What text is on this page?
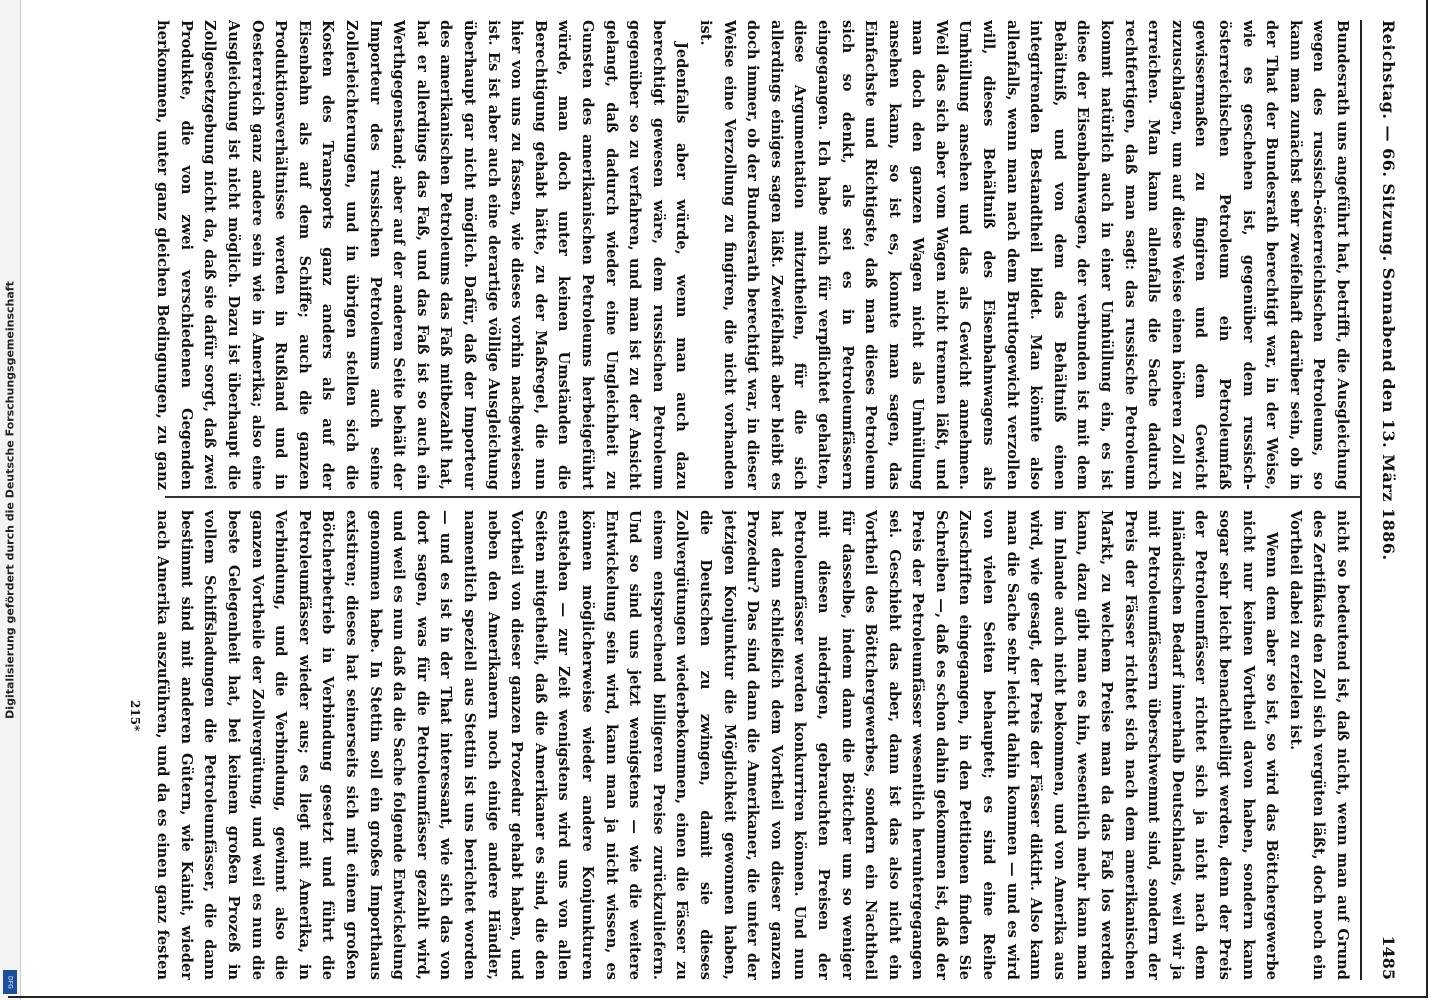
Digitalisierung gefördert durch die Deutsche Forschungsgemeinschaft
DFG
Reichstag. — 66. Sitzung. Sonnabend den 13. März 1886.
1485

Bundesrath uns angeführt hat, betrifft, die Ausgleichung wegen des russisch-österreichischen Petroleums, so kann man zunächst sehr zweifelhaft darüber sein, ob in der That der Bundesrath berechtigt war, in der Weise, wie es geschehen ist, gegenüber dem russisch-österreichischen Petroleum ein Petroleumfaß gewissermaßen zu fingiren und dem Gewicht zuzuschlagen, um auf diese Weise einen höheren Zoll zu erreichen. Man kann allenfalls die Sache dadurch rechtfertigen, daß man sagt: das russische Petroleum kommt natürlich auch in einer Umhüllung ein, es ist diese der Eisenbahnwagen, der verbunden ist mit dem Behältniß, und von dem das Behältniß einen integrirenden Bestandtheil bildet. Man könnte also allenfalls, wenn man nach dem Bruttogewicht verzollen will, dieses Behältniß des Eisenbahnwagens als Umhüllung ansehen und das als Gewicht annehmen. Weil das sich aber vom Wagen nicht trennen läßt, und man doch den ganzen Wagen nicht als Umhüllung ansehen kann, so ist es, konnte man sagen, das Einfachste und Richtigste, daß man dieses Petroleum sich so denkt, als sei es in Petroleumfässern eingegangen. Ich habe mich für verpflichtet gehalten, diese Argumentation mitzutheilen, für die sich allerdings einiges sagen läßt. Zweifelhaft aber bleibt es doch immer, ob der Bundesrath berechtigt war, in dieser Weise eine Verzollung zu fingiren, die nicht vorhanden ist.

Jedenfalls aber würde, wenn man auch dazu berechtigt gewesen wäre, dem russischen Petroleum gegenüber so zu verfahren, und man ist zu der Ansicht gelangt, daß dadurch wieder eine Ungleichheit zu Gunsten des amerikanischen Petroleums herbeigeführt würde, man doch unter keinen Umständen die Berechtigung gehabt hätte, zu der Maßregel, die nun hier von uns zu fassen, wie dieses vorhin nachgewiesen ist. Es ist aber auch eine derartige völlige Ausgleichung überhaupt gar nicht möglich. Dafür, daß der Importeur des amerikanischen Petroleums das Faß mitbezahlt hat, hat er allerdings das Faß, und das Faß ist so auch ein Werthgegenstand; aber auf der anderen Seite behält der Importeur des russischen Petroleums auch seine Zollerleichterungen, und in übrigen stellen sich die Kosten des Transports ganz anders als auf der Eisenbahn als auf dem Schiffe; auch die ganzen Produktionsverhältnisse werden in Rußland und in Oesterreich ganz andere sein wie in Amerika; also eine Ausgleichung ist nicht möglich. Dazu ist überhaupt die Zollgesetzgebung nicht da, daß sie dafür sorgt, daß zwei Produkte, die von zwei verschiedenen Gegenden herkommen, unter ganz gleichen Bedingungen, zu ganz

nicht so bedeutend ist, daß nicht, wenn man auf Grund des Zertifikats den Zoll sich vergüten läßt, doch noch ein Vortheil dabei zu erzielen ist.

Wenn dem aber so ist, so wird das Böttchergewerbe nicht nur keinen Vortheil davon haben, sondern kann sogar sehr leicht benachtheiligt werden, denn der Preis der Petroleumfässer richtet sich ja nicht nach dem inländischen Bedarf innerhalb Deutschlands, weil wir ja mit Petroleumfässern überschwemmt sind, sondern der Preis der Fässer richtet sich nach dem amerikanischen Markt, zu welchem Preise man da das Faß los werden kann, dazu gibt man es hin, wesentlich mehr kann man im Inlande auch nicht bekommen, und von Amerika aus wird, wie gesagt, der Preis der Fässer diktirt. Also kann man die Sache sehr leicht dahin kommen — und es wird von vielen Seiten behauptet; es sind eine Reihe Zuschriften eingegangen, in den Petitionen finden Sie Schreiben —, daß es schon dahin gekommen ist, daß der Preis der Petroleumfässer wesentlich heruntergegangen sei. Geschieht das aber, dann ist das also nicht ein Vortheil des Böttchergewerbes, sondern ein Nachtheil für dasselbe, indem dann die Böttcher um so weniger mit diesen niedrigen, gebrauchten Preisen der Petroleumfässer werden konkurriren können. Und nun hat denn schließlich dem Vortheil von dieser ganzen Prozedur? Das sind dann die Amerikaner, die unter der jetzigen Konjunktur die Möglichkeit gewonnen haben, die Deutschen zu zwingen, damit sie dieses Zollvergütungen wiederbekommen, einen die Fässer zu einem entsprechend billigeren Preise zurückzuliefern. Und so sind uns jetzt wenigstens — wie die weitere Entwickelung sein wird, kann man ja nicht wissen, es können möglicherweise wieder andere Konjunkturen entstehen — zur Zeit wenigstens wird uns von allen Seiten mitgetheilt, daß die Amerikaner es sind, die den Vortheil von dieser ganzen Prozedur gehabt haben, und neben den Amerikanern noch einige andere Händler, namentlich speziell aus Stettin ist uns berichtet worden — und es ist in der That interessant, wie sich das von dort sagen, was für die Petroleumfässer gezahlt wird, und weil es nun daß da die Sache folgende Entwickelung genommen habe. In Stettin soll ein großes Importhaus existiren; dieses hat seinerseits sich mit einem großen Bötcherbetrieb in Verbindung gesetzt und führt die Petroleumfässer wieder aus; es liegt mit Amerika, in Verbindung, und die Verbindung, gewinnt also die ganzen Vortheile der Zollvergütung, und weil es nun die beste Gelegenheit hat, bei keinem großen Prozeß in vollem Schiffsladungen die Petroleumfässer, die dann bestimmt sind mit anderen Gütern, wie Kainit, wieder nach Amerika auszuführen, und da es einen ganz festen

215*
